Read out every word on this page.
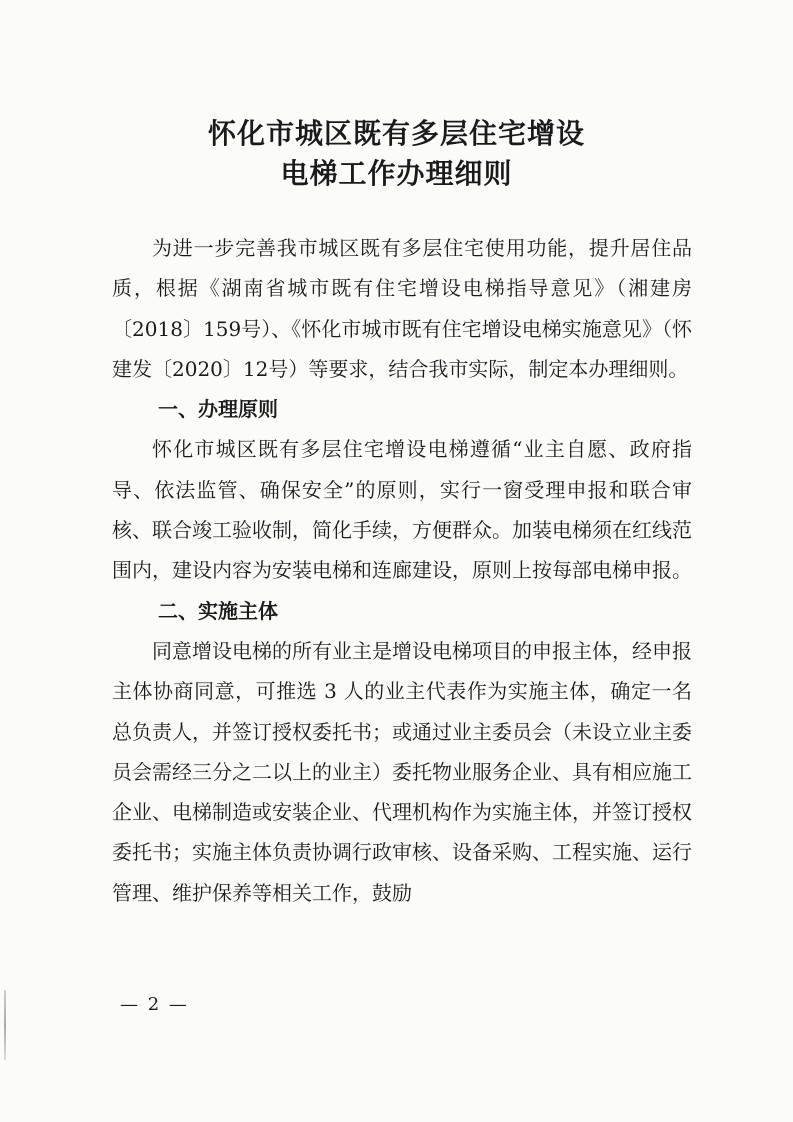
怀化市城区既有多层住宅增设
电梯工作办理细则

为进一步完善我市城区既有多层住宅使用功能，提升居住品质，根据《湖南省城市既有住宅增设电梯指导意见》（湘建房〔2018〕159号）、《怀化市城市既有住宅增设电梯实施意见》（怀建发〔2020〕12号）等要求，结合我市实际，制定本办理细则。

一、办理原则

怀化市城区既有多层住宅增设电梯遵循“业主自愿、政府指导、依法监管、确保安全”的原则，实行一窗受理申报和联合审核、联合竣工验收制，简化手续，方便群众。加装电梯须在红线范围内，建设内容为安装电梯和连廊建设，原则上按每部电梯申报。

二、实施主体

同意增设电梯的所有业主是增设电梯项目的申报主体，经申报主体协商同意，可推选 3 人的业主代表作为实施主体，确定一名总负责人，并签订授权委托书；或通过业主委员会（未设立业主委员会需经三分之二以上的业主）委托物业服务企业、具有相应施工企业、电梯制造或安装企业、代理机构作为实施主体，并签订授权委托书；实施主体负责协调行政审核、设备采购、工程实施、运行管理、维护保养等相关工作，鼓励

— 2 —
